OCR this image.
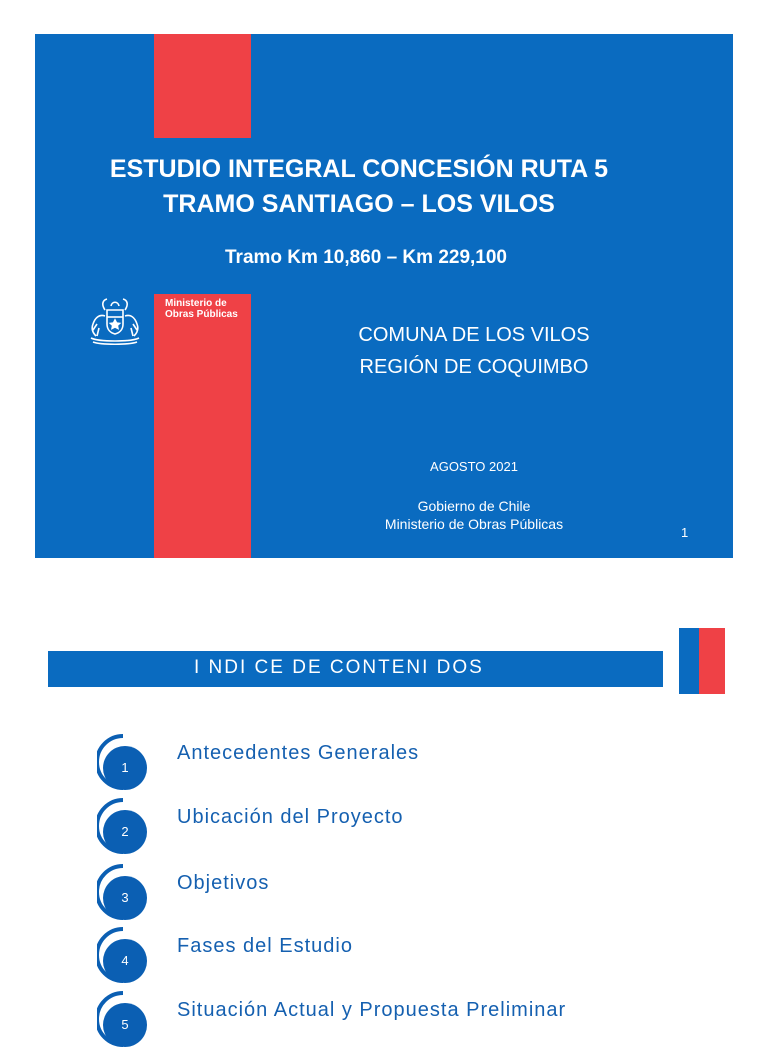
Ministerio de
Obras Públicas
ESTUDIO INTEGRAL CONCESIÓN RUTA 5
TRAMO SANTIAGO – LOS VILOS
Tramo Km 10,860 – Km 229,100
COMUNA DE LOS VILOS
REGIÓN DE COQUIMBO
AGOSTO 2021
Gobierno de Chile
Ministerio de Obras Públicas
1
I NDI CE DE CONTENI DOS
1
Antecedentes Generales
2
Ubicación del Proyecto
3
Objetivos
4
Fases del Estudio
5
Situación Actual y Propuesta Preliminar
